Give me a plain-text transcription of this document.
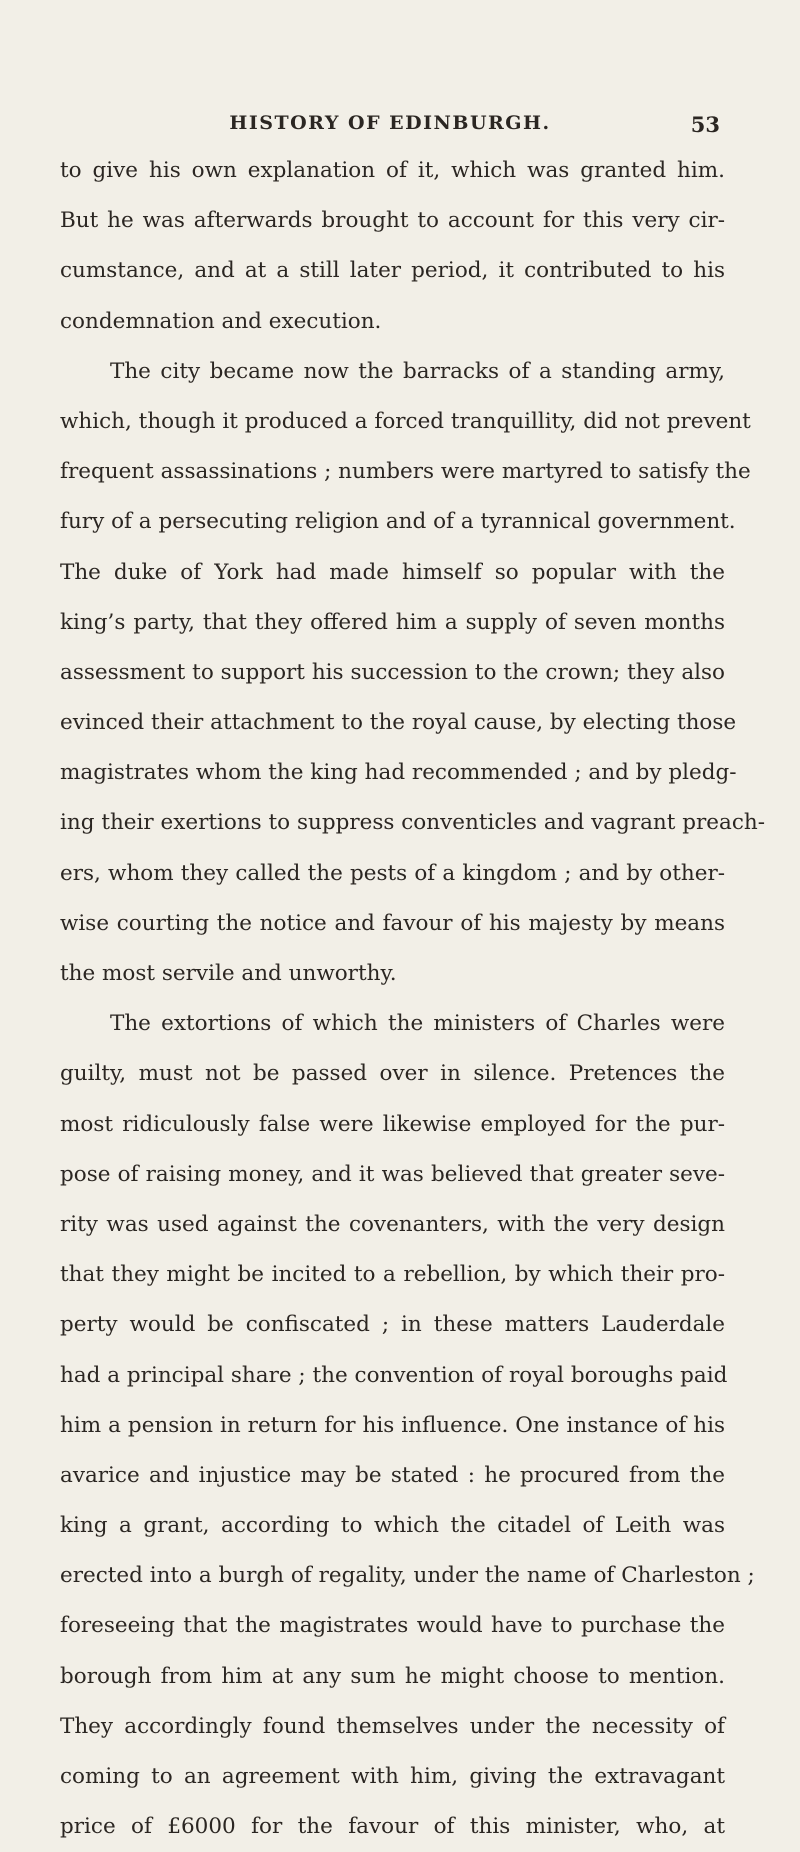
HISTORY OF EDINBURGH.	53
to give his own explanation of it, which was granted him.
But he was afterwards brought to account for this very cir-
cumstance, and at a still later period, it contributed to his
condemnation and execution.
The city became now the barracks of a standing army,
which, though it produced a forced tranquillity, did not prevent
frequent assassinations ; numbers were martyred to satisfy the
fury of a persecuting religion and of a tyrannical government.
The duke of York had made himself so popular with the
king’s party, that they offered him a supply of seven months
assessment to support his succession to the crown; they also
evinced their attachment to the royal cause, by electing those
magistrates whom the king had recommended ; and by pledg-
ing their exertions to suppress conventicles and vagrant preach-
ers, whom they called the pests of a kingdom ; and by other-
wise courting the notice and favour of his majesty by means
the most servile and unworthy.
The extortions of which the ministers of Charles were
guilty, must not be passed over in silence. Pretences the
most ridiculously false were likewise employed for the pur-
pose of raising money, and it was believed that greater seve-
rity was used against the covenanters, with the very design
that they might be incited to a rebellion, by which their pro-
perty would be confiscated ; in these matters Lauderdale
had a principal share ; the convention of royal boroughs paid
him a pension in return for his influence. One instance of his
avarice and injustice may be stated : he procured from the
king a grant, according to which the citadel of Leith was
erected into a burgh of regality, under the name of Charleston ;
foreseeing that the magistrates would have to purchase the
borough from him at any sum he might choose to mention.
They accordingly found themselves under the necessity of
coming to an agreement with him, giving the extravagant
price of £6000 for the favour of this minister, who, at
